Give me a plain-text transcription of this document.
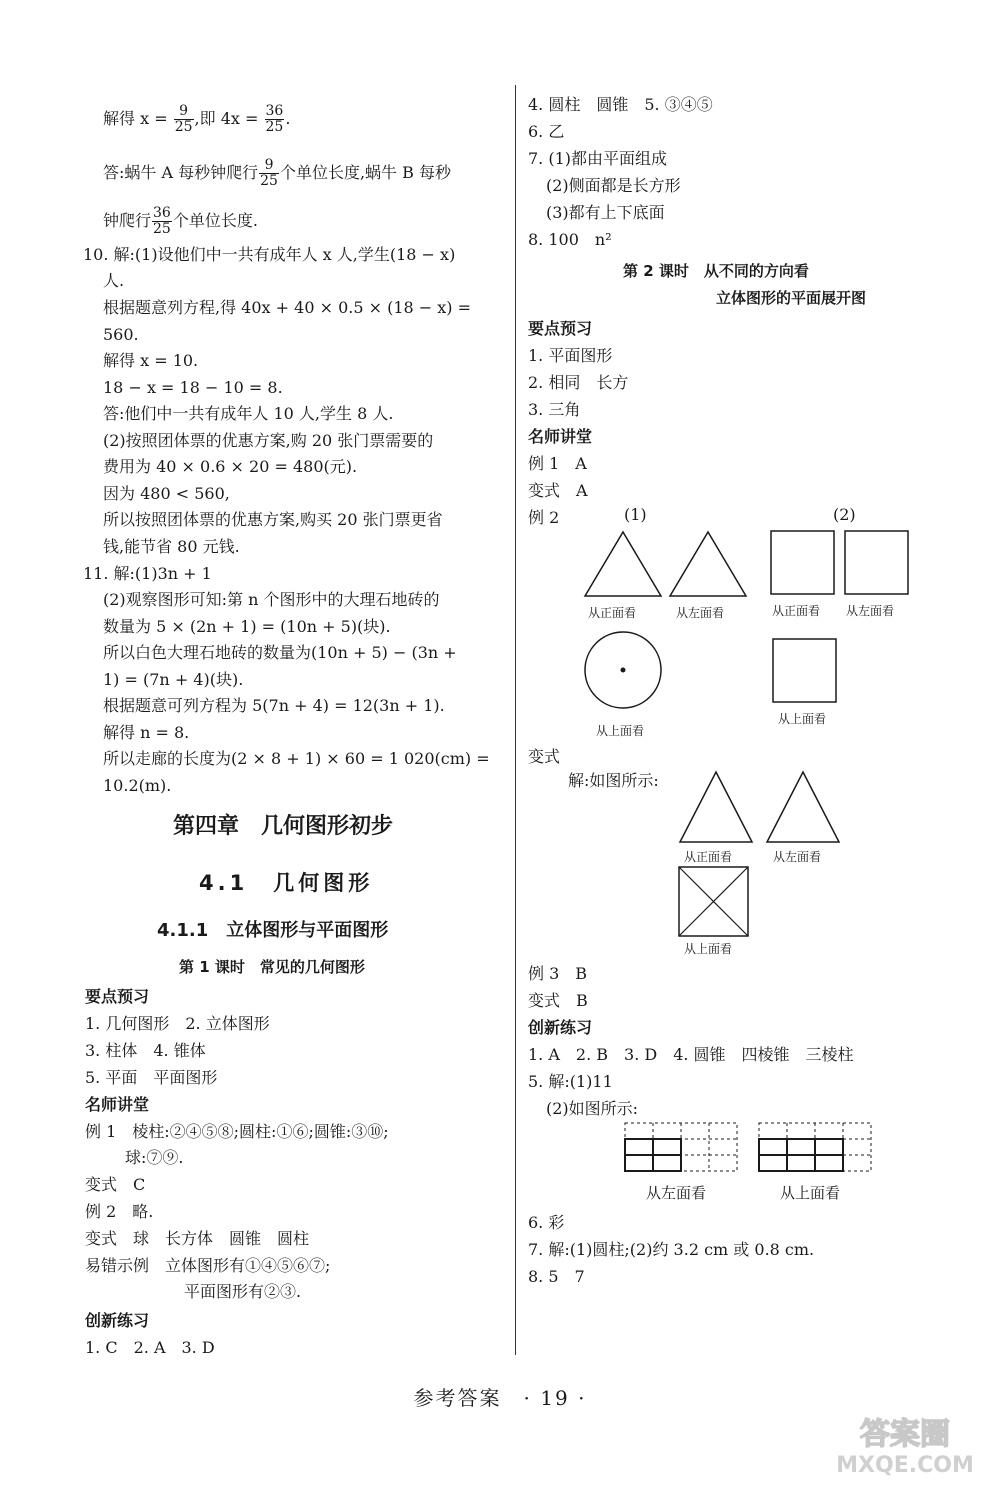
解得 $x = \frac{9}{25}$ ,即 $4x = \frac{36}{25}$ .
答:蜗牛 A 每秒钟爬行 $\frac{9}{25}$ 个单位长度,蜗牛 B 每秒
钟爬行 $\frac{36}{25}$ 个单位长度.
10. 解:(1)设他们中一共有成年人 x 人,学生(18 − x)
人.
根据题意列方程,得 40x + 40 × 0.5 × (18 − x) =
560.
解得 x = 10.
18 − x = 18 − 10 = 8.
答:他们中一共有成年人 10 人,学生 8 人.
(2)按照团体票的优惠方案,购 20 张门票需要的
费用为 40 × 0.6 × 20 = 480(元).
因为 480 < 560,
所以按照团体票的优惠方案,购买 20 张门票更省
钱,能节省 80 元钱.
11. 解:(1)3n + 1
(2)观察图形可知:第 n 个图形中的大理石地砖的
数量为 5 × (2n + 1) = (10n + 5)(块).
所以白色大理石地砖的数量为(10n + 5) − (3n +
1) = (7n + 4)(块).
根据题意可列方程为 5(7n + 4) = 12(3n + 1).
解得 n = 8.
所以走廊的长度为(2 × 8 + 1) × 60 = 1 020(cm) =
10.2(m).
第四章　几何图形初步
4.1　几何图形
4.1.1　立体图形与平面图形
第 1 课时　常见的几何图形
要点预习
1. 几何图形　2. 立体图形
3. 柱体　4. 锥体
5. 平面　平面图形
名师讲堂
例 1　棱柱:②④⑤⑧;圆柱:①⑥;圆锥:③⑩;
球:⑦⑨.
变式　C
例 2　略.
变式　球　长方体　圆锥　圆柱
易错示例　立体图形有①④⑤⑥⑦;
平面图形有②③.
创新练习
1. C　2. A　3. D
4. 圆柱　圆锥　5. ③④⑤
6. 乙
7. (1)都由平面组成
(2)侧面都是长方形
(3)都有上下底面
8. 100　n²
第 2 课时　从不同的方向看
立体图形的平面展开图
要点预习
1. 平面图形
2. 相同　长方
3. 三角
名师讲堂
例 1　A
变式　A
例 2	(1)	(2)
从正面看	从左面看	从正面看 从左面看
从上面看
从上面看
变式
解:如图所示:
从正面看	从左面看
从上面看
例 3　B
变式　B
创新练习
1. A　2. B　3. D　4. 圆锥　四棱锥　三棱柱
5. 解:(1)11
(2)如图所示:
从左面看	从上面看
6. 彩
7. 解:(1)圆柱;(2)约 3.2 cm 或 0.8 cm.
8. 5　7
参考答案　· 19 ·
答案圈
MXQE.COM
